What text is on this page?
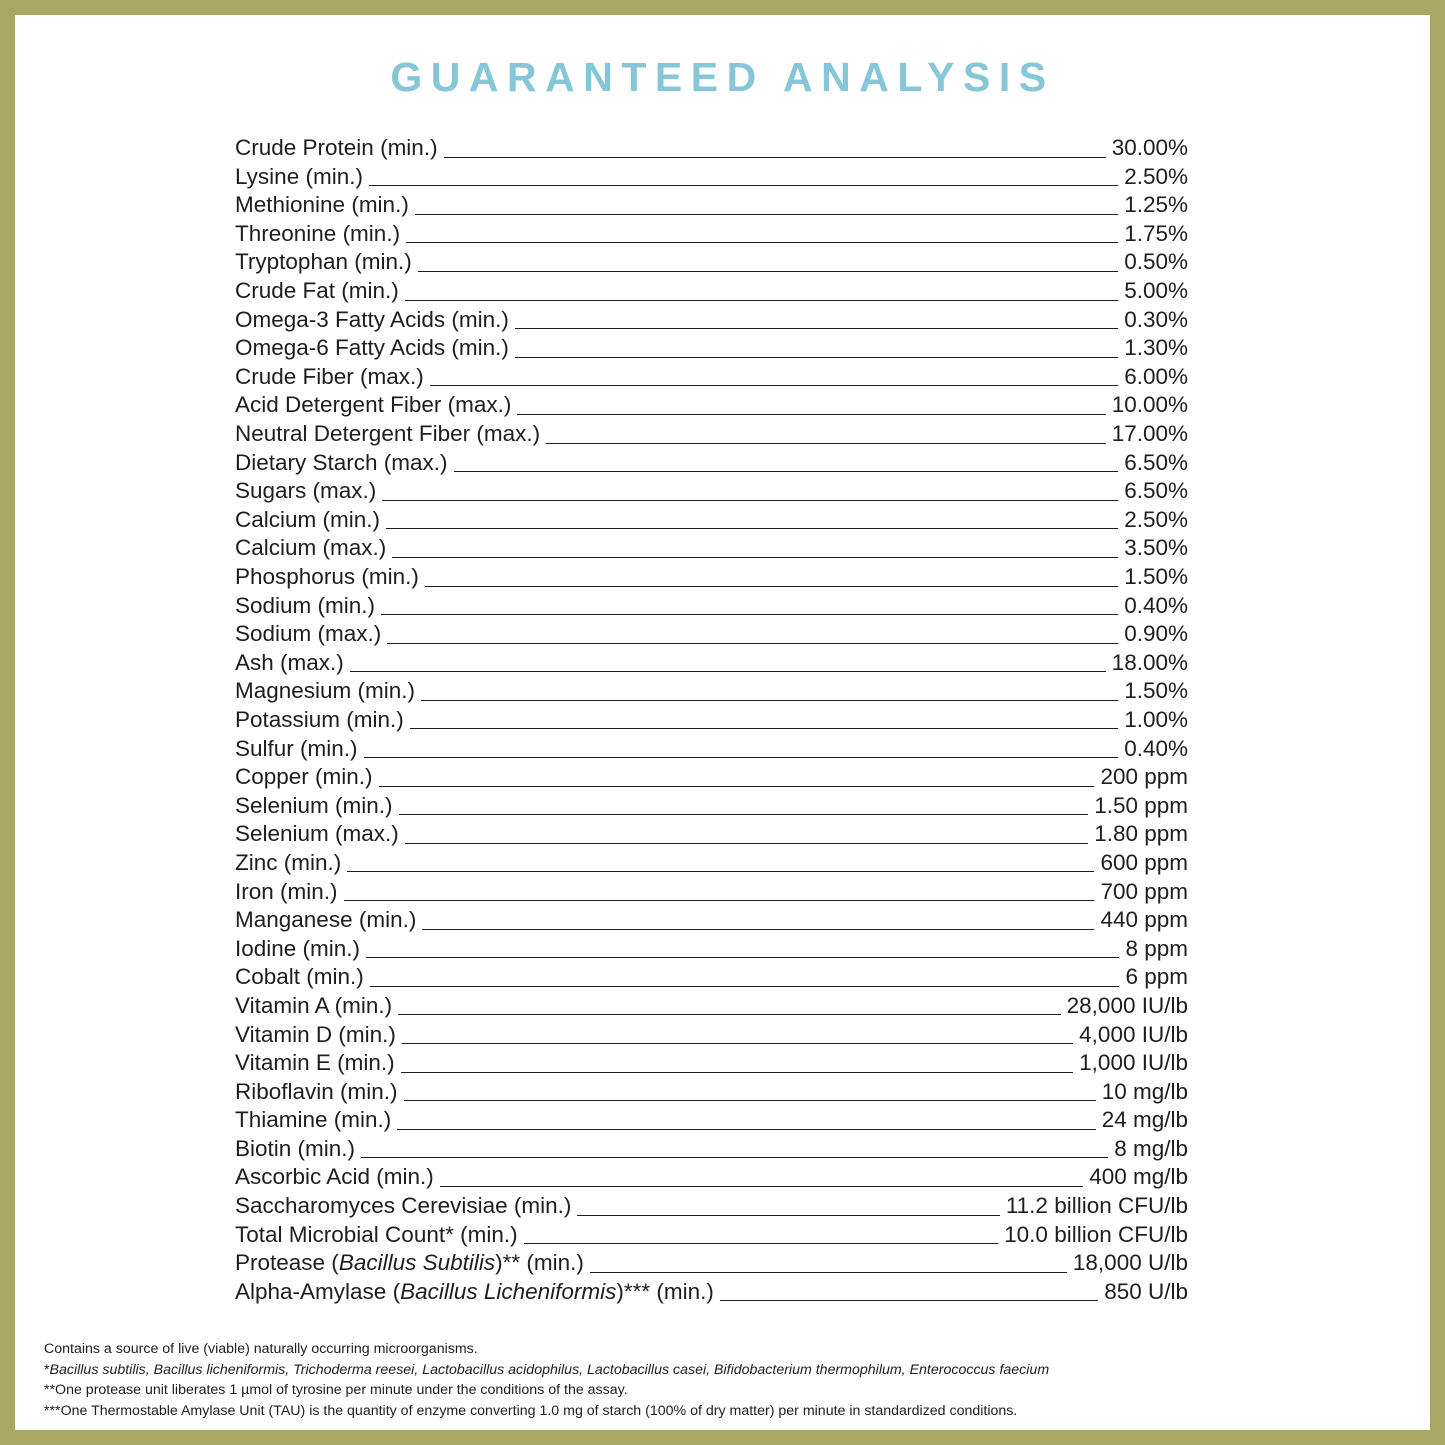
GUARANTEED ANALYSIS
Crude Protein (min.)	30.00%
Lysine (min.)	2.50%
Methionine (min.)	1.25%
Threonine (min.)	1.75%
Tryptophan (min.)	0.50%
Crude Fat (min.)	5.00%
Omega-3 Fatty Acids (min.)	0.30%
Omega-6 Fatty Acids (min.)	1.30%
Crude Fiber (max.)	6.00%
Acid Detergent Fiber (max.)	10.00%
Neutral Detergent Fiber (max.)	17.00%
Dietary Starch (max.)	6.50%
Sugars (max.)	6.50%
Calcium (min.)	2.50%
Calcium (max.)	3.50%
Phosphorus (min.)	1.50%
Sodium (min.)	0.40%
Sodium (max.)	0.90%
Ash (max.)	18.00%
Magnesium (min.)	1.50%
Potassium (min.)	1.00%
Sulfur (min.)	0.40%
Copper (min.)	200 ppm
Selenium (min.)	1.50 ppm
Selenium (max.)	1.80 ppm
Zinc (min.)	600 ppm
Iron (min.)	700 ppm
Manganese (min.)	440 ppm
Iodine (min.)	8 ppm
Cobalt (min.)	6 ppm
Vitamin A (min.)	28,000 IU/lb
Vitamin D (min.)	4,000 IU/lb
Vitamin E (min.)	1,000 IU/lb
Riboflavin (min.)	10 mg/lb
Thiamine (min.)	24 mg/lb
Biotin (min.)	8 mg/lb
Ascorbic Acid (min.)	400 mg/lb
Saccharomyces Cerevisiae (min.)	11.2 billion CFU/lb
Total Microbial Count* (min.)	10.0 billion CFU/lb
Protease (Bacillus Subtilis)** (min.)	18,000 U/lb
Alpha-Amylase (Bacillus Licheniformis)*** (min.)	850 U/lb

Contains a source of live (viable) naturally occurring microorganisms.

*Bacillus subtilis, Bacillus licheniformis, Trichoderma reesei, Lactobacillus acidophilus, Lactobacillus casei, Bifidobacterium thermophilum, Enterococcus faecium

**One protease unit liberates 1 µmol of tyrosine per minute under the conditions of the assay.

***One Thermostable Amylase Unit (TAU) is the quantity of enzyme converting 1.0 mg of starch (100% of dry matter) per minute in standardized conditions.
